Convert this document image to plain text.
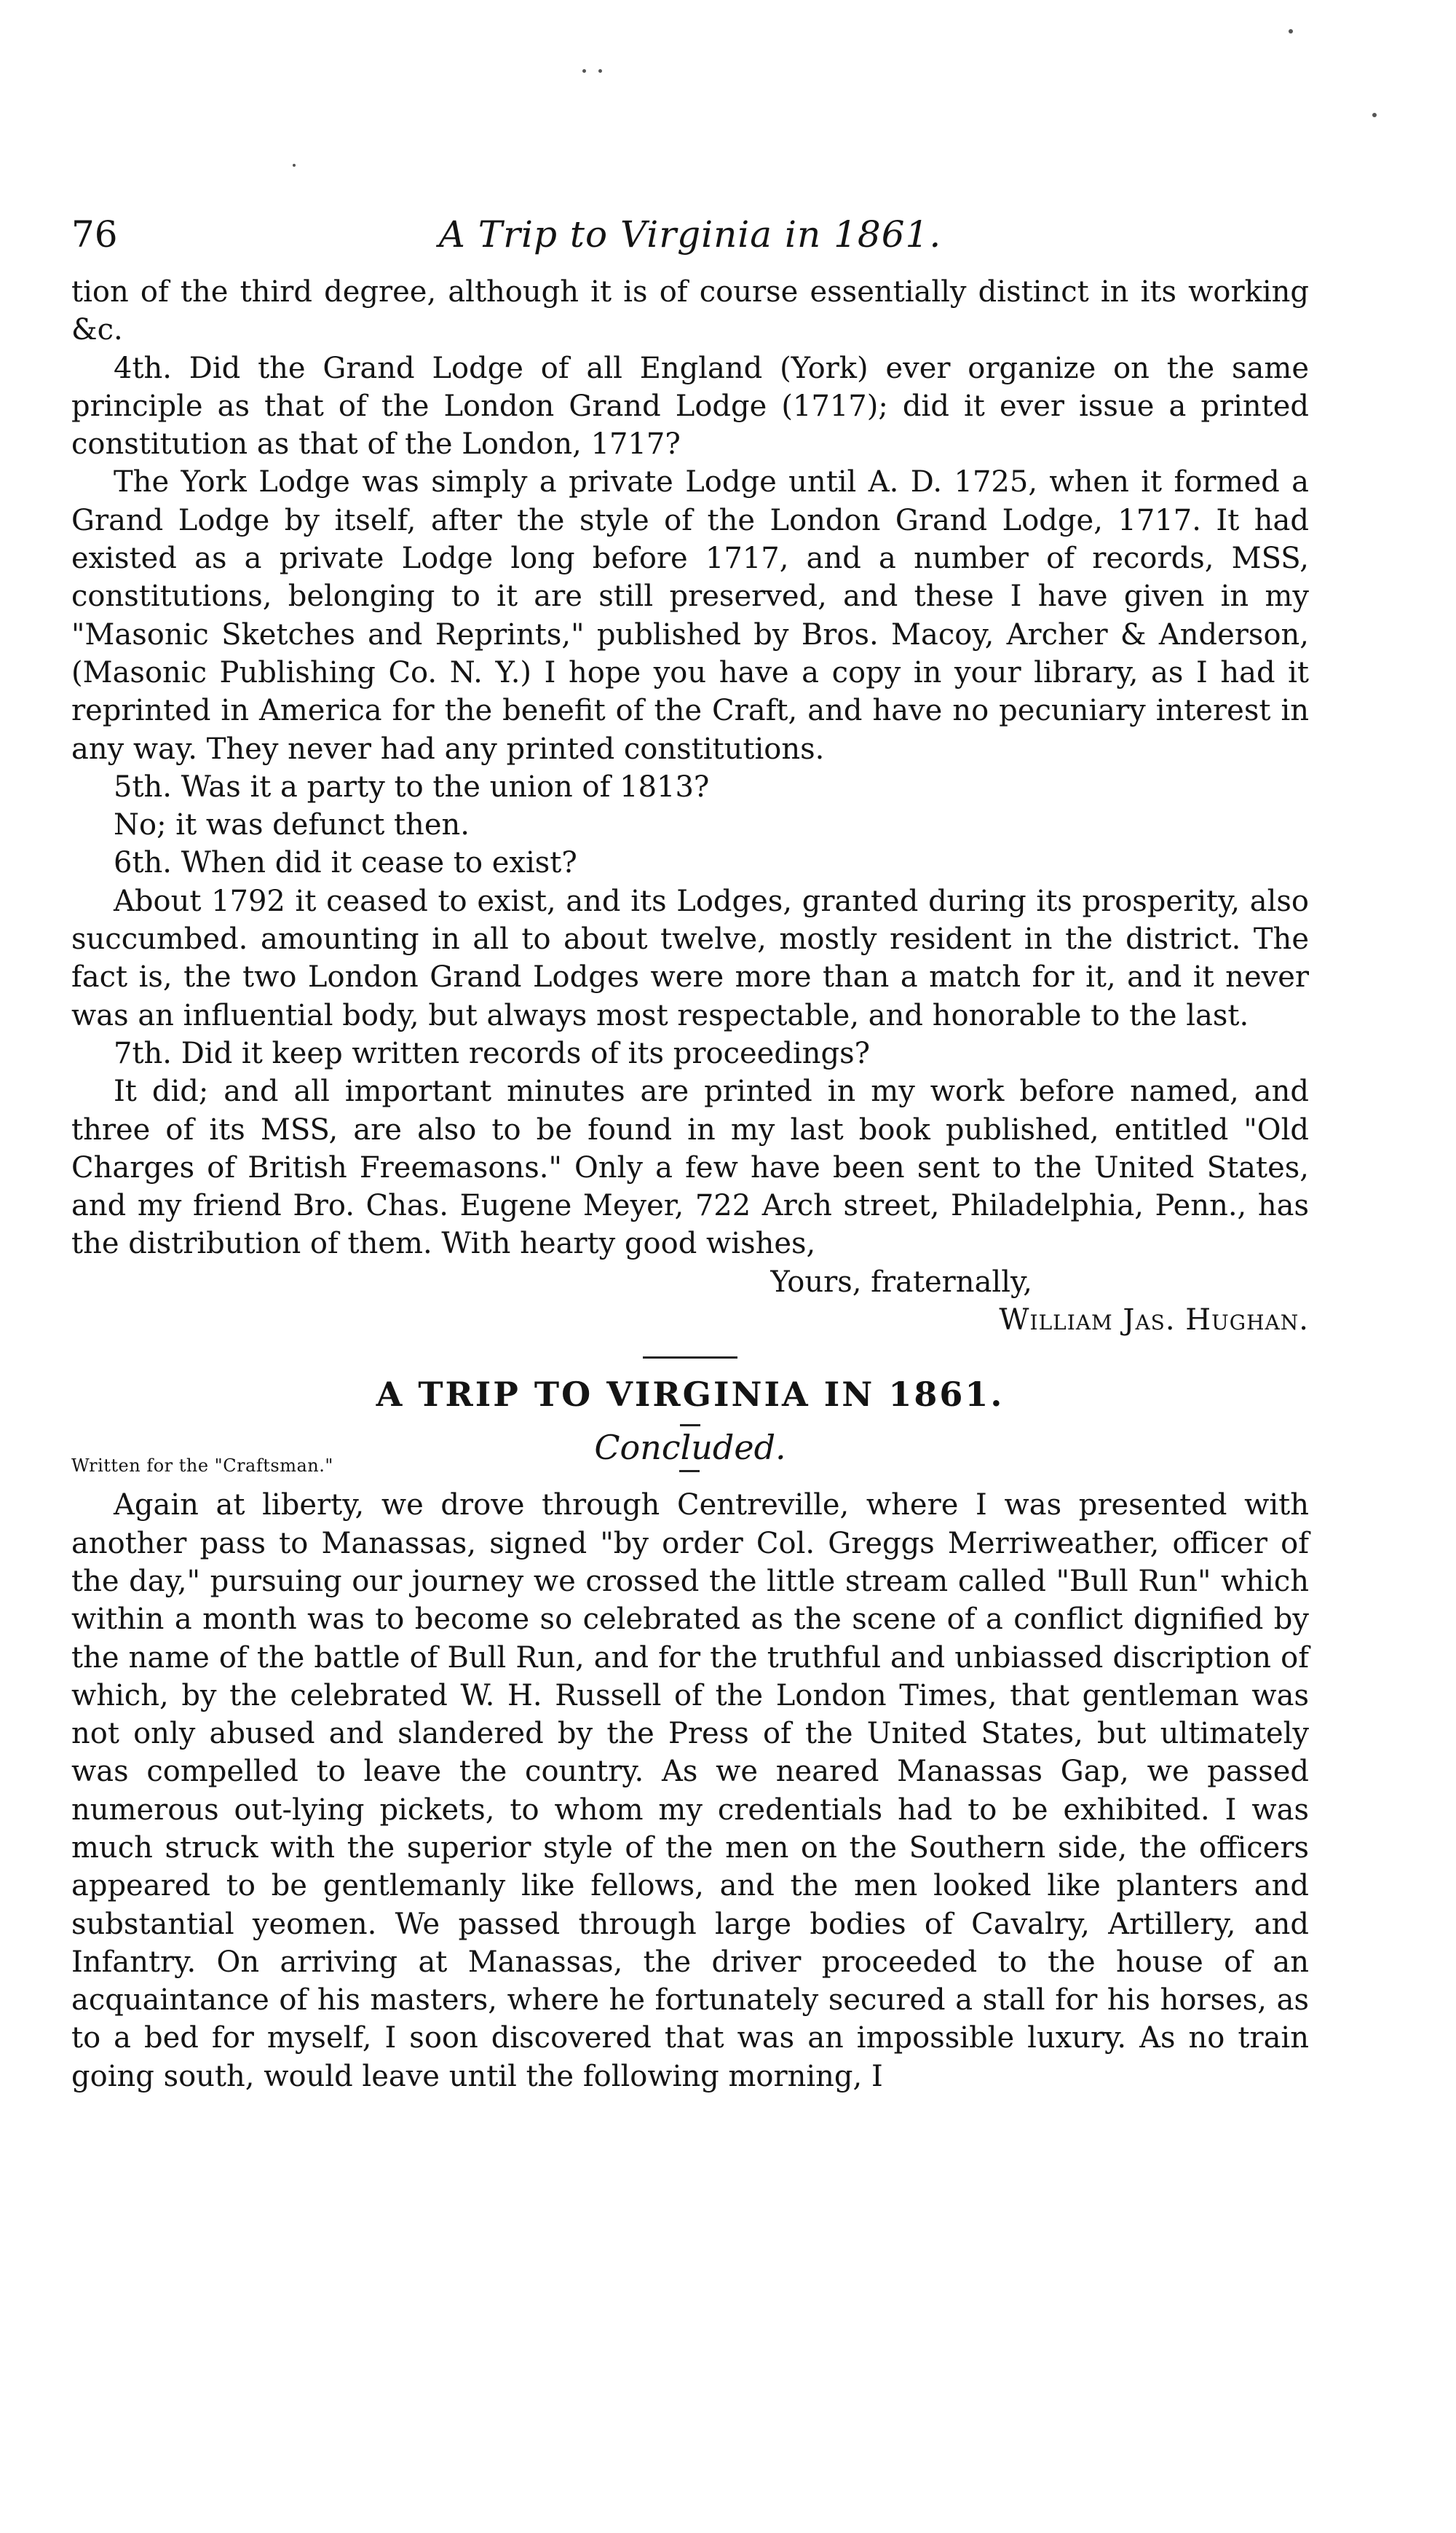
76	A Trip to Virginia in 1861.

tion of the third degree, although it is of course essentially distinct in its working &c.

4th. Did the Grand Lodge of all England (York) ever organize on the same principle as that of the London Grand Lodge (1717); did it ever issue a printed constitution as that of the London, 1717?

The York Lodge was simply a private Lodge until A. D. 1725, when it formed a Grand Lodge by itself, after the style of the London Grand Lodge, 1717. It had existed as a private Lodge long before 1717, and a number of records, MSS, constitutions, belonging to it are still preserved, and these I have given in my "Masonic Sketches and Reprints," published by Bros. Macoy, Archer & Anderson, (Masonic Publishing Co. N. Y.) I hope you have a copy in your library, as I had it reprinted in America for the benefit of the Craft, and have no pecuniary interest in any way. They never had any printed constitutions.

5th. Was it a party to the union of 1813?

No; it was defunct then.

6th. When did it cease to exist?

About 1792 it ceased to exist, and its Lodges, granted during its prosperity, also succumbed. amounting in all to about twelve, mostly resident in the district. The fact is, the two London Grand Lodges were more than a match for it, and it never was an influential body, but always most respectable, and honorable to the last.

7th. Did it keep written records of its proceedings?

It did; and all important minutes are printed in my work before named, and three of its MSS, are also to be found in my last book published, entitled "Old Charges of British Freemasons." Only a few have been sent to the United States, and my friend Bro. Chas. Eugene Meyer, 722 Arch street, Philadelphia, Penn., has the distribution of them. With hearty good wishes,

Yours, fraternally,
William Jas. Hughan.
A TRIP TO VIRGINIA IN 1861.
Concluded.
Written for the "Craftsman."

Again at liberty, we drove through Centreville, where I was presented with another pass to Manassas, signed "by order Col. Greggs Merriweather, officer of the day," pursuing our journey we crossed the little stream called "Bull Run" which within a month was to become so celebrated as the scene of a conflict dignified by the name of the battle of Bull Run, and for the truthful and unbiassed discription of which, by the celebrated W. H. Russell of the London Times, that gentleman was not only abused and slandered by the Press of the United States, but ultimately was compelled to leave the country. As we neared Manassas Gap, we passed numerous out-lying pickets, to whom my credentials had to be exhibited. I was much struck with the superior style of the men on the Southern side, the officers appeared to be gentlemanly like fellows, and the men looked like planters and substantial yeomen. We passed through large bodies of Cavalry, Artillery, and Infantry. On arriving at Manassas, the driver proceeded to the house of an acquaintance of his masters, where he fortunately secured a stall for his horses, as to a bed for myself, I soon discovered that was an impossible luxury. As no train going south, would leave until the following morning, I
